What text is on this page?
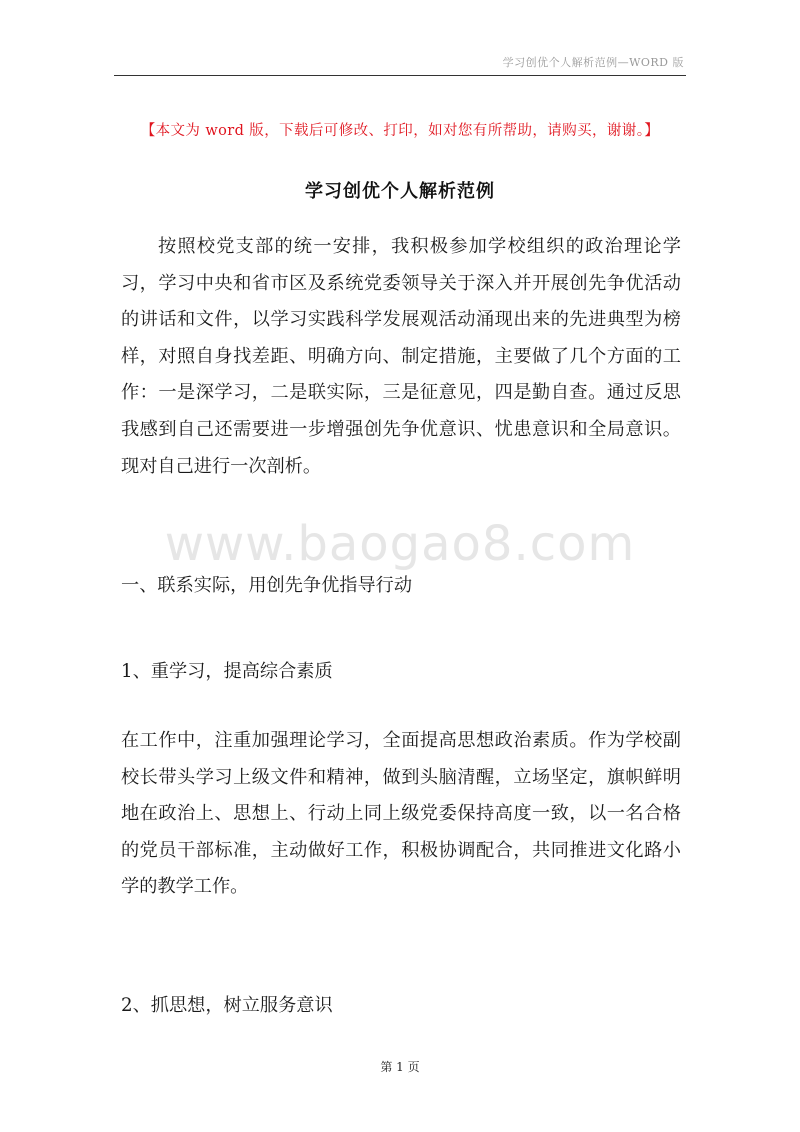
学习创优个人解析范例—WORD 版
【本文为 word 版，下载后可修改、打印，如对您有所帮助，请购买，谢谢。】
学习创优个人解析范例

按照校党支部的统一安排，我积极参加学校组织的政治理论学习，学习中央和省市区及系统党委领导关于深入并开展创先争优活动的讲话和文件，以学习实践科学发展观活动涌现出来的先进典型为榜样，对照自身找差距、明确方向、制定措施，主要做了几个方面的工作：一是深学习，二是联实际，三是征意见，四是勤自查。通过反思我感到自己还需要进一步增强创先争优意识、忧患意识和全局意识。现对自己进行一次剖析。

www.baogao8.com
一、联系实际，用创先争优指导行动
1、重学习，提高综合素质

在工作中，注重加强理论学习，全面提高思想政治素质。作为学校副校长带头学习上级文件和精神，做到头脑清醒，立场坚定，旗帜鲜明地在政治上、思想上、行动上同上级党委保持高度一致，以一名合格的党员干部标准，主动做好工作，积极协调配合，共同推进文化路小学的教学工作。

2、抓思想，树立服务意识
第 1 页
